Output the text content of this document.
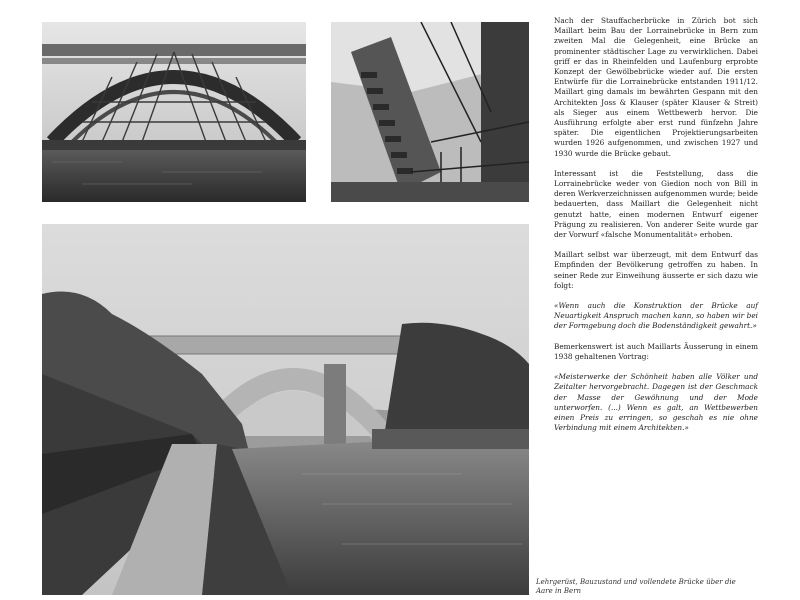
Nach der Stauffacherbrücke in Zürich bot sich Maillart beim Bau der Lorrainebrücke in Bern zum zweiten Mal die Gelegenheit, eine Brücke an prominenter städtischer Lage zu verwirklichen. Dabei griff er das in Rheinfelden und Laufenburg erprobte Konzept der Gewölbebrücke wieder auf. Die ersten Entwürfe für die Lorrainebrücke entstanden 1911/12. Maillart ging damals im bewährten Gespann mit den Architekten Joss & Klauser (später Klauser & Streit) als Sieger aus einem Wettbewerb hervor. Die Ausführung erfolgte aber erst rund fünfzehn Jahre später. Die eigentlichen Projektierungsarbeiten wurden 1926 aufgenommen, und zwischen 1927 und 1930 wurde die Brücke gebaut.

Interessant ist die Feststellung, dass die Lorrainebrücke weder von Giedion noch von Bill in deren Werkverzeichnissen aufgenommen wurde; beide bedauerten, dass Maillart die Gelegenheit nicht genutzt hatte, einen modernen Entwurf eigener Prägung zu realisieren. Von anderer Seite wurde gar der Vorwurf «falsche Monumentalität» erhoben.

Maillart selbst war überzeugt, mit dem Entwurf das Empfinden der Bevölkerung getroffen zu haben. In seiner Rede zur Einweihung äusserte er sich dazu wie folgt:

«Wenn auch die Konstruktion der Brücke auf Neuartigkeit Anspruch machen kann, so haben wir bei der Formgebung doch die Bodenständigkeit gewahrt.»

Bemerkenswert ist auch Maillarts Äusserung in einem 1938 gehaltenen Vortrag:

«Meisterwerke der Schönheit haben alle Völker und Zeitalter hervorgebracht. Dagegen ist der Geschmack der Masse der Gewöhnung und der Mode unterworfen. (...) Wenn es galt, an Wettbewerben einen Preis zu erringen, so geschah es nie ohne Verbindung mit einem Architekten.»

Lehrgerüst, Bauzustand und vollendete Brücke über die Aare in Bern
